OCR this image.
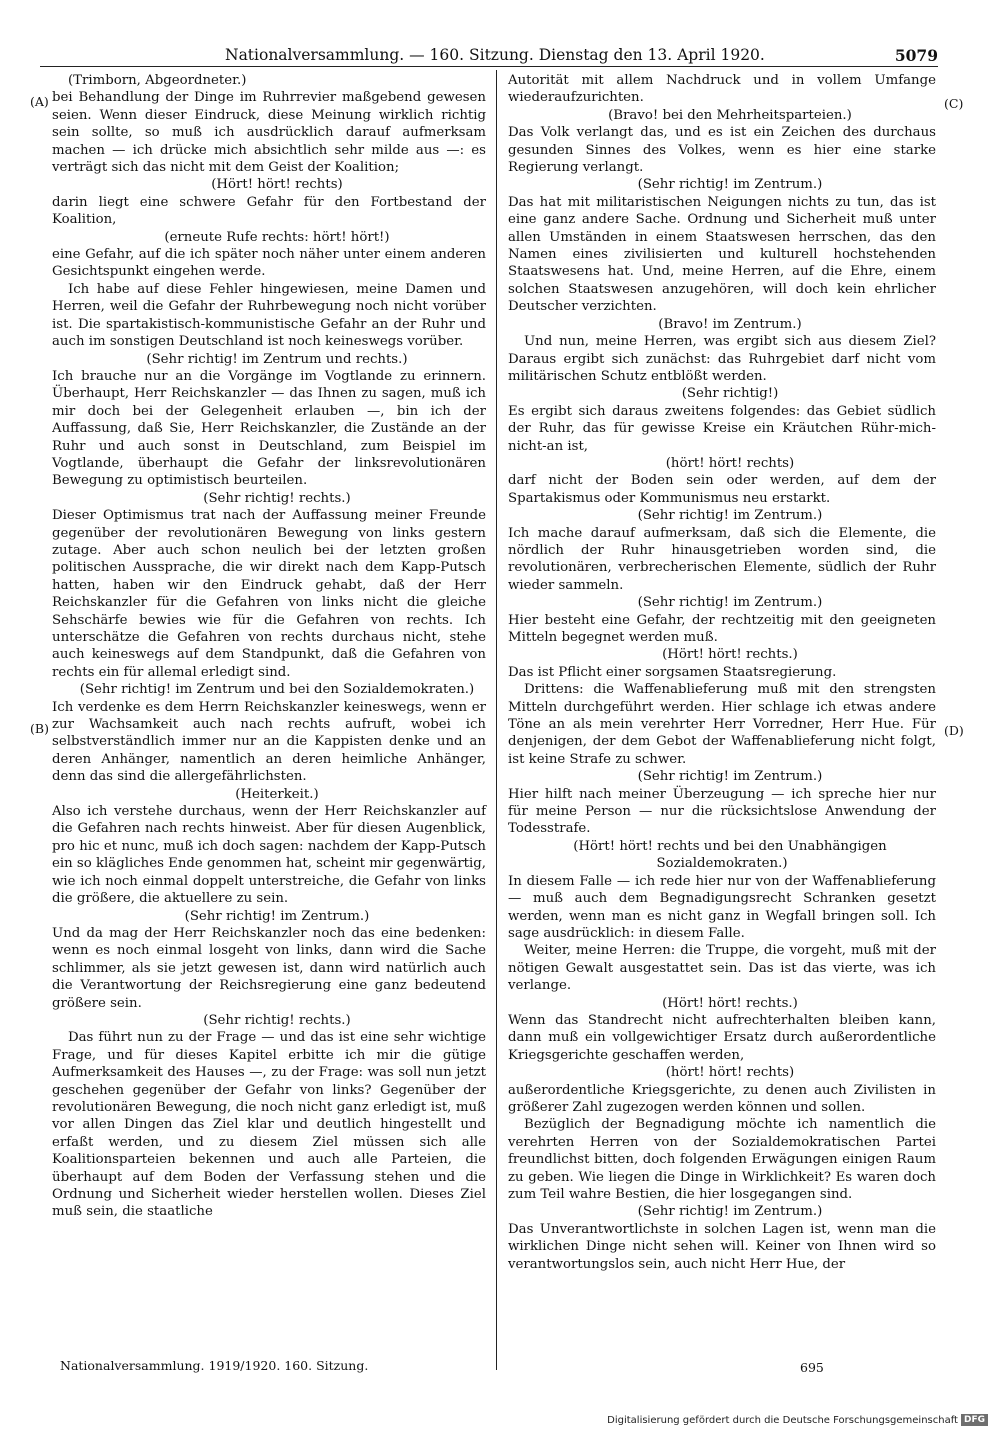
Nationalversammlung. — 160. Sitzung. Dienstag den 13. April 1920.	5079
(A)
(B)
(C)
(D)

(Trimborn, Abgeordneter.)

bei Behandlung der Dinge im Ruhrrevier maßgebend gewesen seien. Wenn dieser Eindruck, diese Meinung wirklich richtig sein sollte, so muß ich ausdrücklich darauf aufmerksam machen — ich drücke mich absichtlich sehr milde aus —: es verträgt sich das nicht mit dem Geist der Koalition;

(Hört! hört! rechts)

darin liegt eine schwere Gefahr für den Fortbestand der Koalition,

(erneute Rufe rechts: hört! hört!)

eine Gefahr, auf die ich später noch näher unter einem anderen Gesichtspunkt eingehen werde.

Ich habe auf diese Fehler hingewiesen, meine Damen und Herren, weil die Gefahr der Ruhrbewegung noch nicht vorüber ist. Die spartakistisch-kommunistische Gefahr an der Ruhr und auch im sonstigen Deutschland ist noch keineswegs vorüber.

(Sehr richtig! im Zentrum und rechts.)

Ich brauche nur an die Vorgänge im Vogtlande zu erinnern. Überhaupt, Herr Reichskanzler — das Ihnen zu sagen, muß ich mir doch bei der Gelegenheit erlauben —, bin ich der Auffassung, daß Sie, Herr Reichskanzler, die Zustände an der Ruhr und auch sonst in Deutschland, zum Beispiel im Vogtlande, überhaupt die Gefahr der linksrevolutionären Bewegung zu optimistisch beurteilen.

(Sehr richtig! rechts.)

Dieser Optimismus trat nach der Auffassung meiner Freunde gegenüber der revolutionären Bewegung von links gestern zutage. Aber auch schon neulich bei der letzten großen politischen Aussprache, die wir direkt nach dem Kapp-Putsch hatten, haben wir den Eindruck gehabt, daß der Herr Reichskanzler für die Gefahren von links nicht die gleiche Sehschärfe bewies wie für die Gefahren von rechts. Ich unterschätze die Gefahren von rechts durchaus nicht, stehe auch keineswegs auf dem Standpunkt, daß die Gefahren von rechts ein für allemal erledigt sind.

(Sehr richtig! im Zentrum und bei den Sozialdemokraten.)

Ich verdenke es dem Herrn Reichskanzler keineswegs, wenn er zur Wachsamkeit auch nach rechts aufruft, wobei ich selbstverständlich immer nur an die Kappisten denke und an deren Anhänger, namentlich an deren heimliche Anhänger, denn das sind die allergefährlichsten.

(Heiterkeit.)

Also ich verstehe durchaus, wenn der Herr Reichskanzler auf die Gefahren nach rechts hinweist. Aber für diesen Augenblick, pro hic et nunc, muß ich doch sagen: nachdem der Kapp-Putsch ein so klägliches Ende genommen hat, scheint mir gegenwärtig, wie ich noch einmal doppelt unterstreiche, die Gefahr von links die größere, die aktuellere zu sein.

(Sehr richtig! im Zentrum.)

Und da mag der Herr Reichskanzler noch das eine bedenken: wenn es noch einmal losgeht von links, dann wird die Sache schlimmer, als sie jetzt gewesen ist, dann wird natürlich auch die Verantwortung der Reichsregierung eine ganz bedeutend größere sein.

(Sehr richtig! rechts.)

Das führt nun zu der Frage — und das ist eine sehr wichtige Frage, und für dieses Kapitel erbitte ich mir die gütige Aufmerksamkeit des Hauses —, zu der Frage: was soll nun jetzt geschehen gegenüber der Gefahr von links? Gegenüber der revolutionären Bewegung, die noch nicht ganz erledigt ist, muß vor allen Dingen das Ziel klar und deutlich hingestellt und erfaßt werden, und zu diesem Ziel müssen sich alle Koalitionsparteien bekennen und auch alle Parteien, die überhaupt auf dem Boden der Verfassung stehen und die Ordnung und Sicherheit wieder herstellen wollen. Dieses Ziel muß sein, die staatliche

Autorität mit allem Nachdruck und in vollem Umfange wiederaufzurichten.

(Bravo! bei den Mehrheitsparteien.)

Das Volk verlangt das, und es ist ein Zeichen des durchaus gesunden Sinnes des Volkes, wenn es hier eine starke Regierung verlangt.

(Sehr richtig! im Zentrum.)

Das hat mit militaristischen Neigungen nichts zu tun, das ist eine ganz andere Sache. Ordnung und Sicherheit muß unter allen Umständen in einem Staatswesen herrschen, das den Namen eines zivilisierten und kulturell hochstehenden Staatswesens hat. Und, meine Herren, auf die Ehre, einem solchen Staatswesen anzugehören, will doch kein ehrlicher Deutscher verzichten.

(Bravo! im Zentrum.)

Und nun, meine Herren, was ergibt sich aus diesem Ziel? Daraus ergibt sich zunächst: das Ruhrgebiet darf nicht vom militärischen Schutz entblößt werden.

(Sehr richtig!)

Es ergibt sich daraus zweitens folgendes: das Gebiet südlich der Ruhr, das für gewisse Kreise ein Kräutchen Rühr-mich-nicht-an ist,

(hört! hört! rechts)

darf nicht der Boden sein oder werden, auf dem der Spartakismus oder Kommunismus neu erstarkt.

(Sehr richtig! im Zentrum.)

Ich mache darauf aufmerksam, daß sich die Elemente, die nördlich der Ruhr hinausgetrieben worden sind, die revolutionären, verbrecherischen Elemente, südlich der Ruhr wieder sammeln.

(Sehr richtig! im Zentrum.)

Hier besteht eine Gefahr, der rechtzeitig mit den geeigneten Mitteln begegnet werden muß.

(Hört! hört! rechts.)

Das ist Pflicht einer sorgsamen Staatsregierung.

Drittens: die Waffenablieferung muß mit den strengsten Mitteln durchgeführt werden. Hier schlage ich etwas andere Töne an als mein verehrter Herr Vorredner, Herr Hue. Für denjenigen, der dem Gebot der Waffenablieferung nicht folgt, ist keine Strafe zu schwer.

(Sehr richtig! im Zentrum.)

Hier hilft nach meiner Überzeugung — ich spreche hier nur für meine Person — nur die rücksichtslose Anwendung der Todesstrafe.

(Hört! hört! rechts und bei den Unabhängigen Sozialdemokraten.)

In diesem Falle — ich rede hier nur von der Waffenablieferung — muß auch dem Begnadigungsrecht Schranken gesetzt werden, wenn man es nicht ganz in Wegfall bringen soll. Ich sage ausdrücklich: in diesem Falle.

Weiter, meine Herren: die Truppe, die vorgeht, muß mit der nötigen Gewalt ausgestattet sein. Das ist das vierte, was ich verlange.

(Hört! hört! rechts.)

Wenn das Standrecht nicht aufrechterhalten bleiben kann, dann muß ein vollgewichtiger Ersatz durch außerordentliche Kriegsgerichte geschaffen werden,

(hört! hört! rechts)

außerordentliche Kriegsgerichte, zu denen auch Zivilisten in größerer Zahl zugezogen werden können und sollen.

Bezüglich der Begnadigung möchte ich namentlich die verehrten Herren von der Sozialdemokratischen Partei freundlichst bitten, doch folgenden Erwägungen einigen Raum zu geben. Wie liegen die Dinge in Wirklichkeit? Es waren doch zum Teil wahre Bestien, die hier losgegangen sind.

(Sehr richtig! im Zentrum.)

Das Unverantwortlichste in solchen Lagen ist, wenn man die wirklichen Dinge nicht sehen will. Keiner von Ihnen wird so verantwortungslos sein, auch nicht Herr Hue, der

Nationalversammlung. 1919/1920. 160. Sitzung.	695
Digitalisierung gefördert durch die Deutsche Forschungsgemeinschaft DFG
